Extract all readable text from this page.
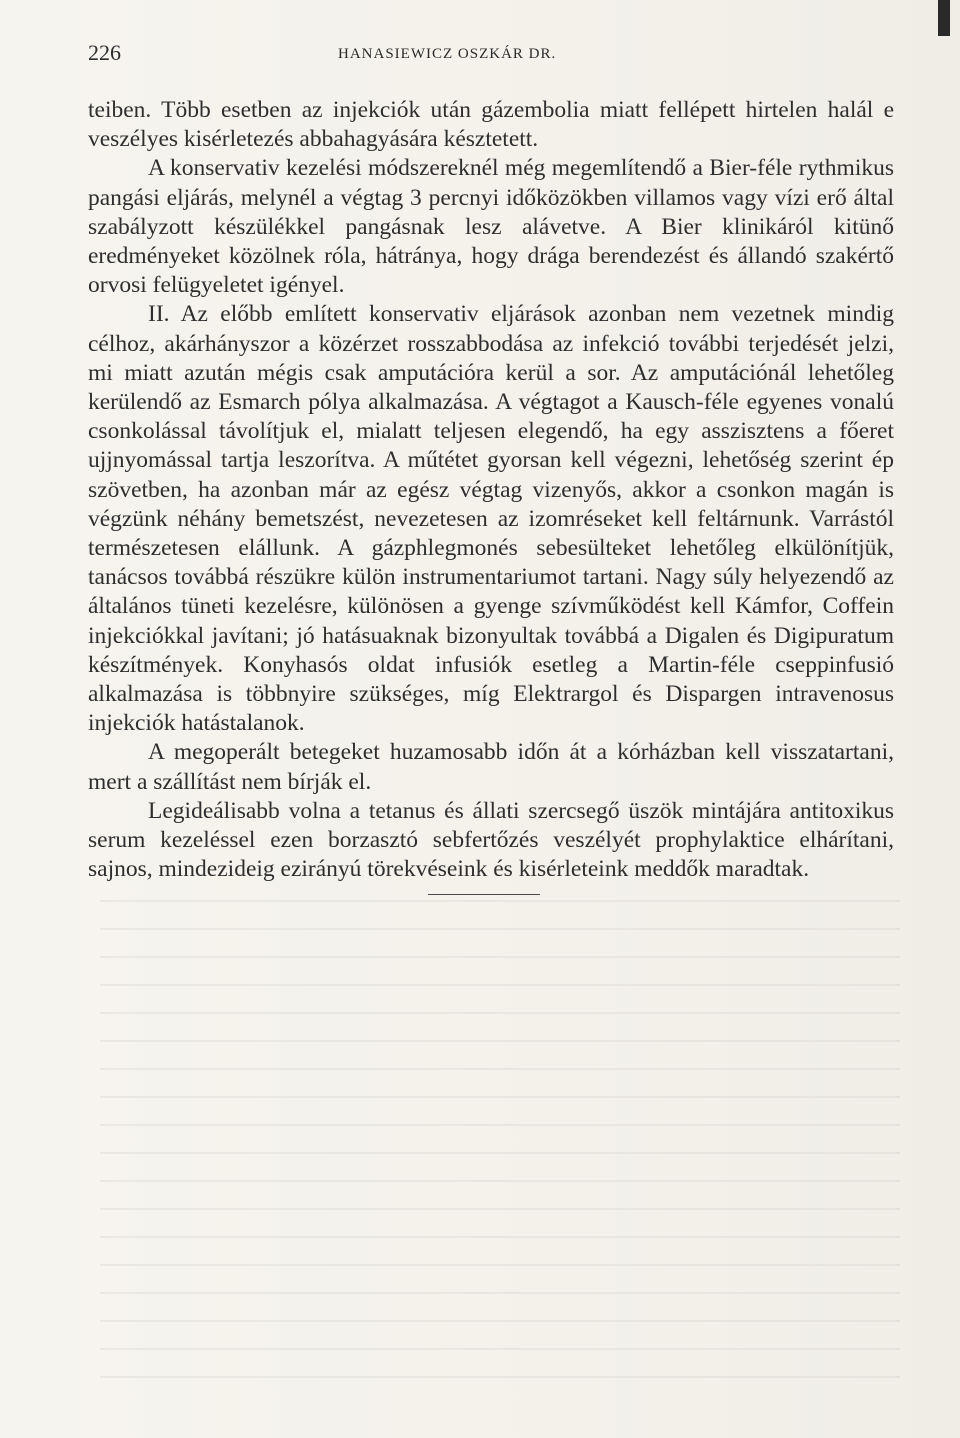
226	HANASIEWICZ OSZKÁR DR.

teiben. Több esetben az injekciók után gázembolia miatt fellépett hirtelen halál e veszélyes kisérletezés abbahagyására késztetett.

A konservativ kezelési módszereknél még megemlítendő a Bier-féle rythmikus pangási eljárás, melynél a végtag 3 percnyi időközökben villamos vagy vízi erő által szabályzott készülékkel pangásnak lesz alávetve. A Bier klinikáról kitünő eredményeket közölnek róla, hátránya, hogy drága berendezést és állandó szakértő orvosi felügyeletet igényel.

II. Az előbb említett konservativ eljárások azonban nem vezetnek mindig célhoz, akárhányszor a közérzet rosszabbodása az infekció további terjedését jelzi, mi miatt azután mégis csak amputációra kerül a sor. Az amputációnál lehetőleg kerülendő az Esmarch pólya alkalmazása. A végtagot a Kausch-féle egyenes vonalú csonkolással távolítjuk el, mialatt teljesen elegendő, ha egy asszisztens a főeret ujjnyomással tartja leszorítva. A műtétet gyorsan kell végezni, lehetőség szerint ép szövetben, ha azonban már az egész végtag vizenyős, akkor a csonkon magán is végzünk néhány bemetszést, nevezetesen az izomréseket kell feltárnunk. Varrástól természetesen elállunk. A gázphlegmonés sebesülteket lehetőleg elkülönítjük, tanácsos továbbá részükre külön instrumentariumot tartani. Nagy súly helyezendő az általános tüneti kezelésre, különösen a gyenge szívműködést kell Kámfor, Coffein injekciókkal javítani; jó hatásuaknak bizonyultak továbbá a Digalen és Digipuratum készítmények. Konyhasós oldat infusiók esetleg a Martin-féle cseppinfusió alkalmazása is többnyire szükséges, míg Elektrargol és Dispargen intravenosus injekciók hatástalanok.

A megoperált betegeket huzamosabb időn át a kórházban kell visszatartani, mert a szállítást nem bírják el.

Legideálisabb volna a tetanus és állati szercsegő üszök mintájára antitoxikus serum kezeléssel ezen borzasztó sebfertőzés veszélyét prophylaktice elhárítani, sajnos, mindezideig ezirányú törekvéseink és kisérleteink meddők maradtak.
